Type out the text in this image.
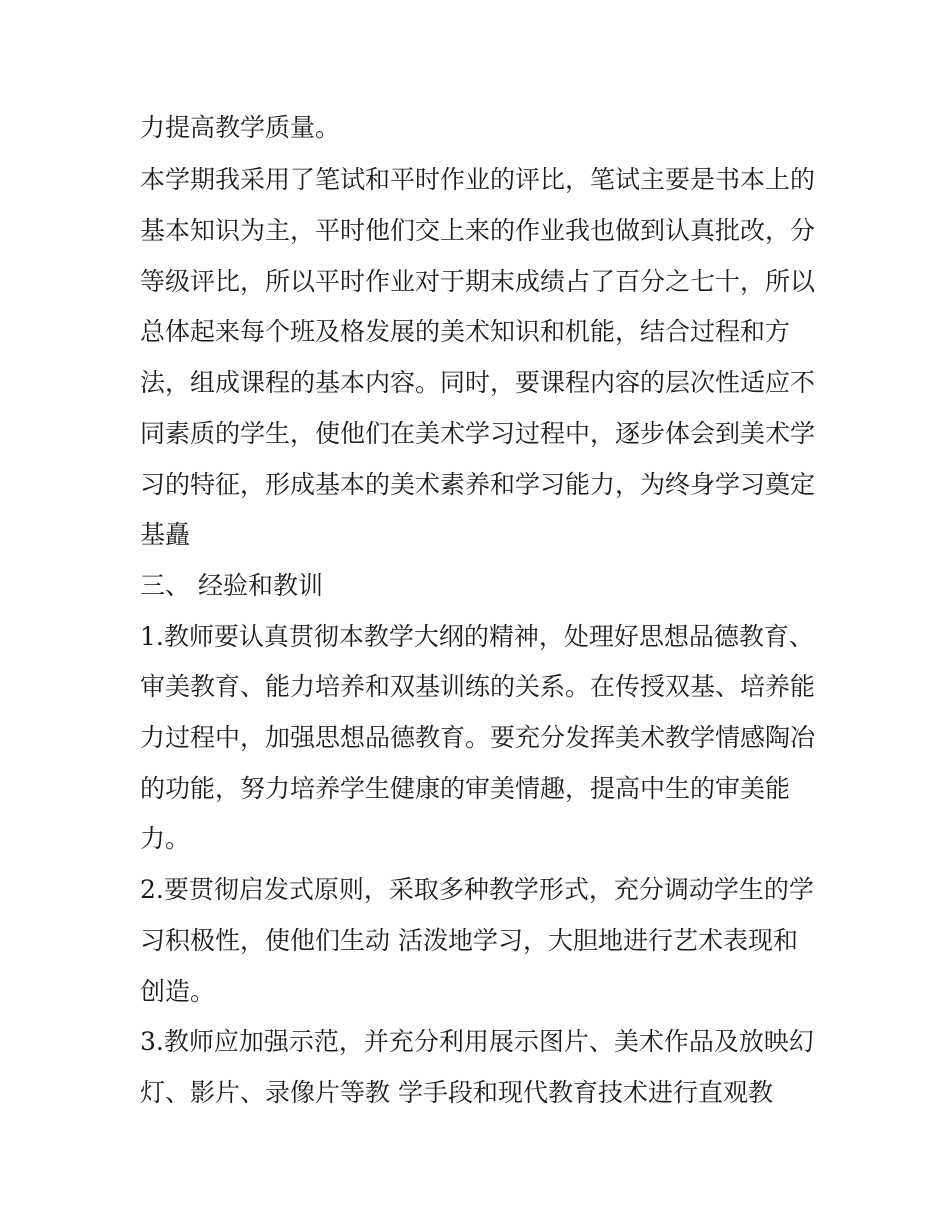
力提高教学质量。
本学期我采用了笔试和平时作业的评比，笔试主要是书本上的
基本知识为主，平时他们交上来的作业我也做到认真批改，分
等级评比，所以平时作业对于期末成绩占了百分之七十，所以
总体起来每个班及格发展的美术知识和机能，结合过程和方
法，组成课程的基本内容。同时，要课程内容的层次性适应不
同素质的学生，使他们在美术学习过程中，逐步体会到美术学
习的特征，形成基本的美术素养和学习能力，为终身学习奠定
基矗
三、 经验和教训
1.教师要认真贯彻本教学大纲的精神，处理好思想品德教育、
审美教育、能力培养和双基训练的关系。在传授双基、培养能
力过程中，加强思想品德教育。要充分发挥美术教学情感陶冶
的功能，努力培养学生健康的审美情趣，提高中生的审美能
力。
2.要贯彻启发式原则，采取多种教学形式，充分调动学生的学
习积极性，使他们生动 活泼地学习，大胆地进行艺术表现和
创造。
3.教师应加强示范，并充分利用展示图片、美术作品及放映幻
灯、影片、录像片等教 学手段和现代教育技术进行直观教
